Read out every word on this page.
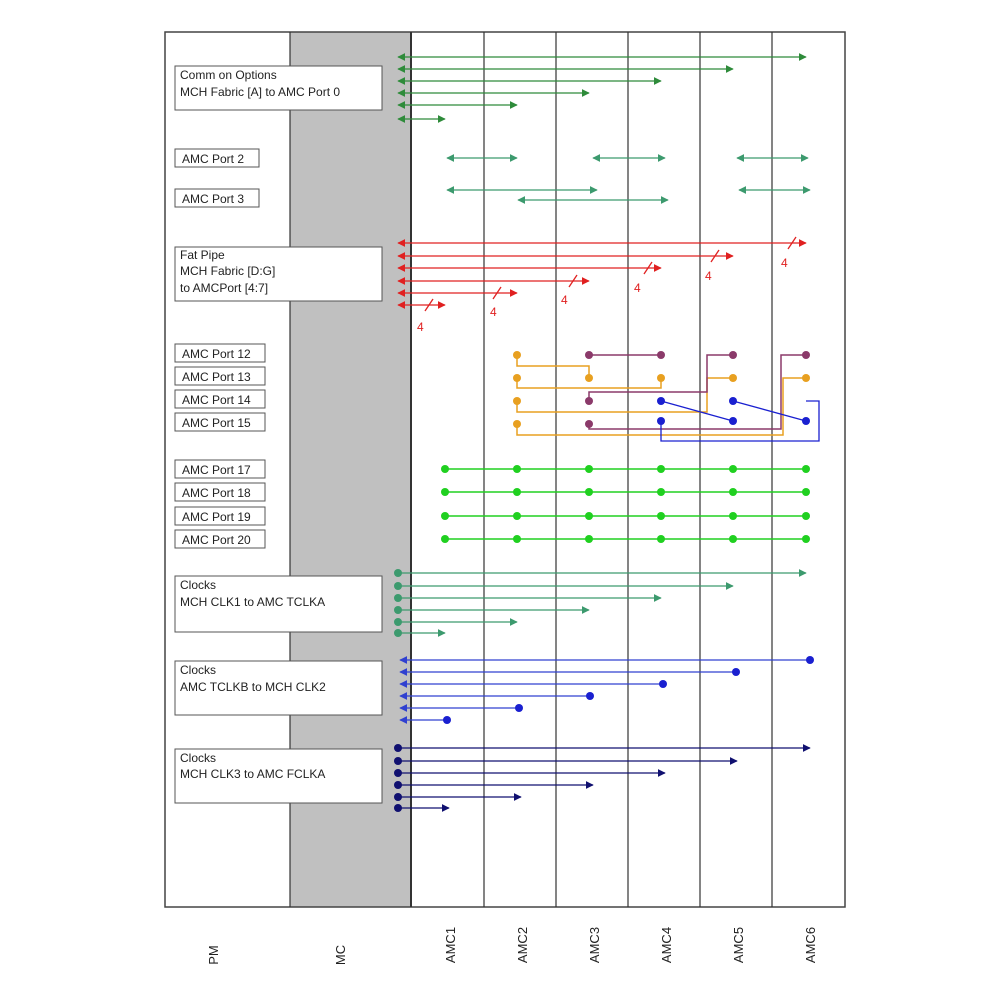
PM	MC	AMC1	AMC2	AMC3	AMC4	AMC5	AMC6
Comm on Options
MCH Fabric [A] to AMC Port 0
AMC Port 2
AMC Port 3
Fat Pipe
MCH Fabric [D:G]
to AMCPort [4:7]
AMC Port 12
AMC Port 13
AMC Port 14
AMC Port 15
AMC Port 17
AMC Port 18
AMC Port 19
AMC Port 20
Clocks
MCH CLK1 to AMC TCLKA
Clocks
AMC TCLKB to MCH CLK2
Clocks
MCH CLK3 to AMC FCLKA
4
4
4
4
4
4
